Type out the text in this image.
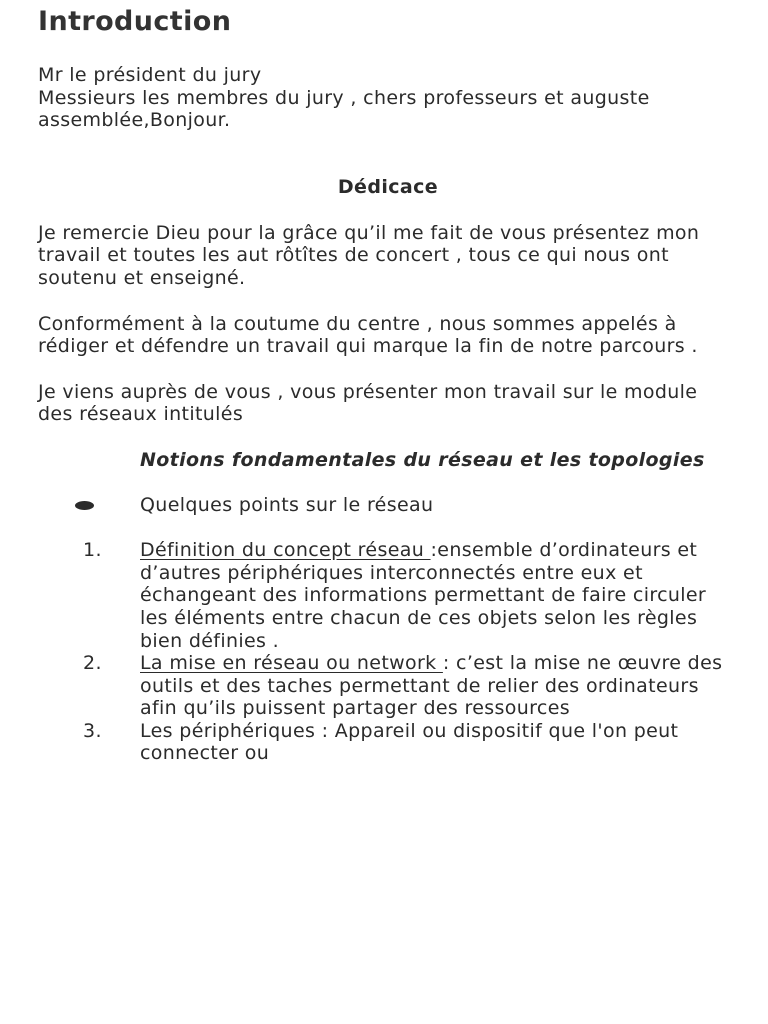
Introduction

Mr le président du jury
Messieurs les membres du jury , chers professeurs et auguste assemblée,Bonjour.

Dédicace

Je remercie Dieu pour la grâce qu’il me fait de vous présentez mon travail et toutes les aut rôtîtes de concert , tous ce qui nous ont soutenu et enseigné.

Conformément à la coutume du centre , nous sommes appelés à rédiger et défendre un travail qui marque la fin de notre parcours .

Je viens auprès de vous , vous présenter mon travail sur le module des réseaux intitulés

Notions fondamentales du réseau et les topologies

Quelques points sur le réseau
1. Définition du concept réseau :ensemble d’ordinateurs et d’autres périphériques interconnectés entre eux et échangeant des informations permettant de faire circuler les éléments entre chacun de ces objets selon les règles bien définies .
2. La mise en réseau ou network : c’est la mise ne œuvre des outils et des taches permettant de relier des ordinateurs afin qu’ils puissent partager des ressources
3. Les périphériques : Appareil ou dispositif que l'on peut connecter ou
